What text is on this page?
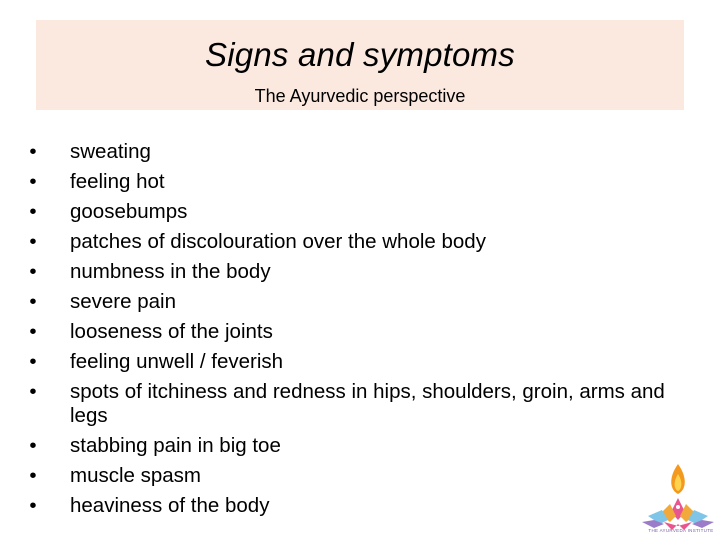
Signs and symptoms
The Ayurvedic perspective
• sweating
• feeling hot
• goosebumps
• patches of discolouration over the whole body
• numbness in the body
• severe pain
• looseness of the joints
• feeling unwell / feverish
• spots of itchiness and redness in hips, shoulders, groin, arms and legs
• stabbing pain in big toe
• muscle spasm
• heaviness of the body
THE AYURVEDA INSTITUTE
